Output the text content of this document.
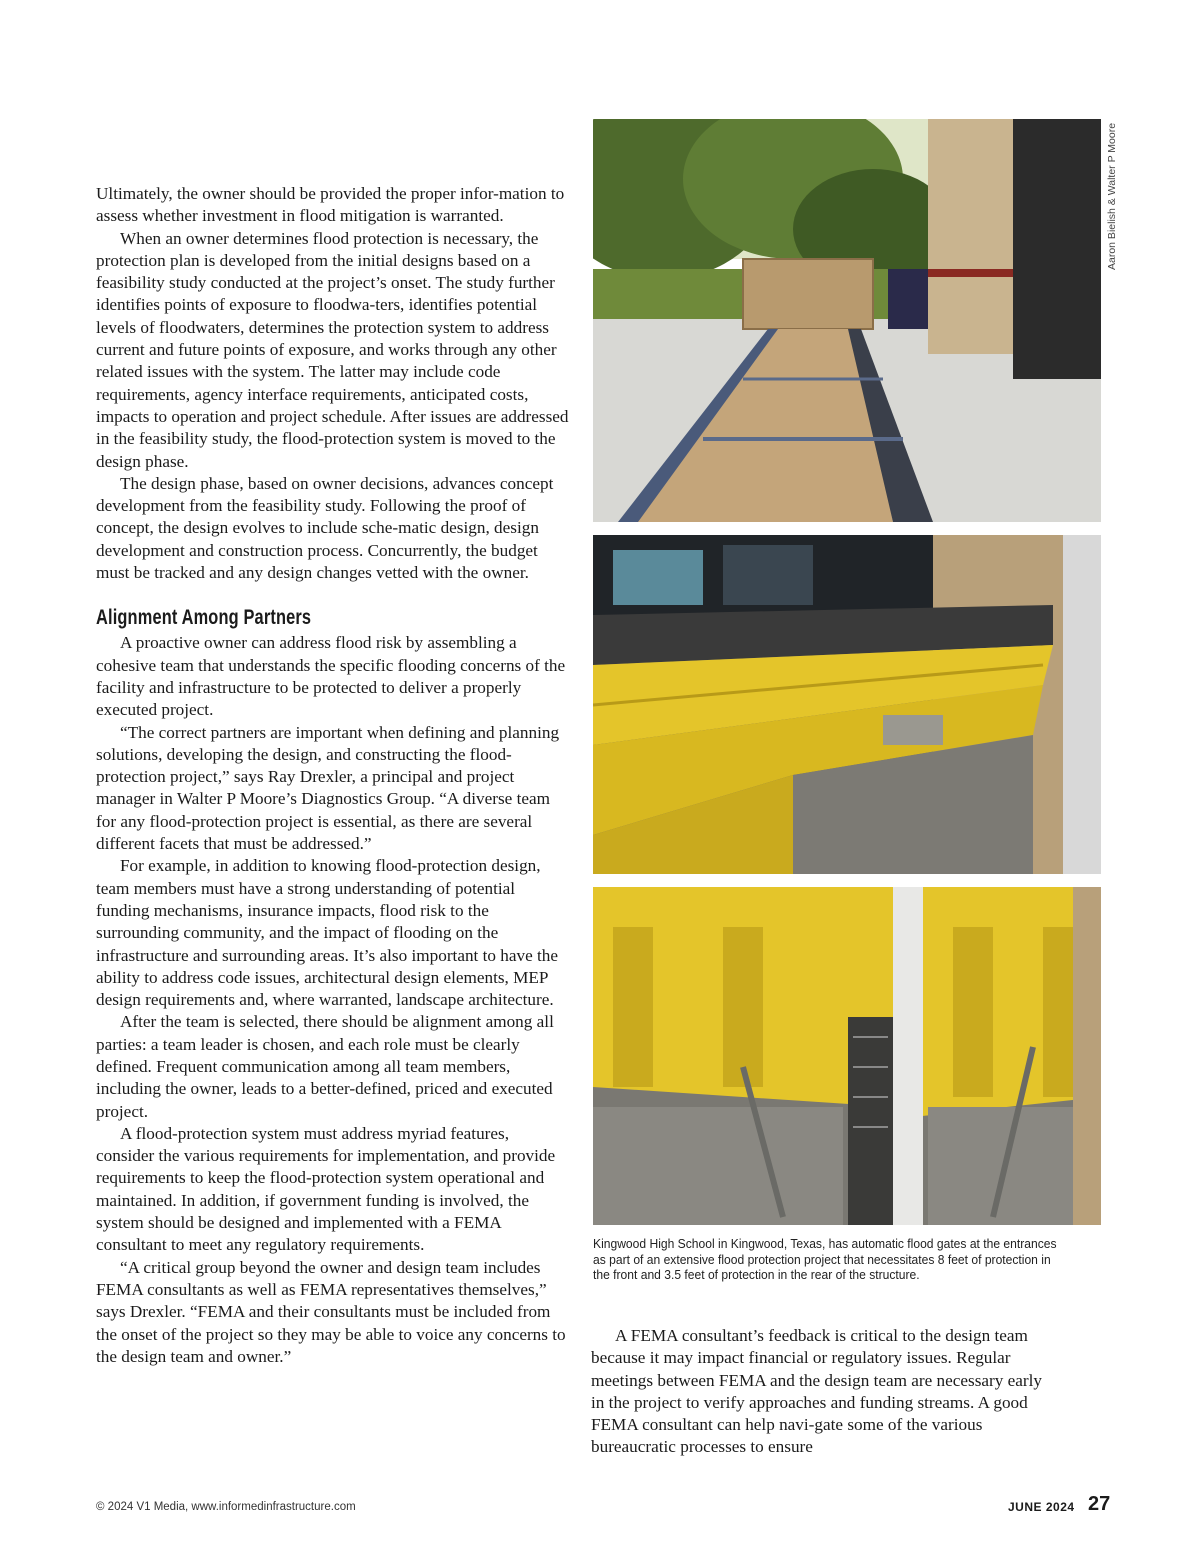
Ultimately, the owner should be provided the proper infor-mation to assess whether investment in flood mitigation is warranted.

When an owner determines flood protection is necessary, the protection plan is developed from the initial designs based on a feasibility study conducted at the project’s onset. The study further identifies points of exposure to floodwa-ters, identifies potential levels of floodwaters, determines the protection system to address current and future points of exposure, and works through any other related issues with the system. The latter may include code requirements, agency interface requirements, anticipated costs, impacts to operation and project schedule. After issues are addressed in the feasibility study, the flood-protection system is moved to the design phase.

The design phase, based on owner decisions, advances concept development from the feasibility study. Following the proof of concept, the design evolves to include sche-matic design, design development and construction process. Concurrently, the budget must be tracked and any design changes vetted with the owner.

Alignment Among Partners

A proactive owner can address flood risk by assembling a cohesive team that understands the specific flooding concerns of the facility and infrastructure to be protected to deliver a properly executed project.

“The correct partners are important when defining and planning solutions, developing the design, and constructing the flood-protection project,” says Ray Drexler, a principal and project manager in Walter P Moore’s Diagnostics Group. “A diverse team for any flood-protection project is essential, as there are several different facets that must be addressed.”

For example, in addition to knowing flood-protection design, team members must have a strong understanding of potential funding mechanisms, insurance impacts, flood risk to the surrounding community, and the impact of flooding on the infrastructure and surrounding areas. It’s also important to have the ability to address code issues, architectural design elements, MEP design requirements and, where warranted, landscape architecture.

After the team is selected, there should be alignment among all parties: a team leader is chosen, and each role must be clearly defined. Frequent communication among all team members, including the owner, leads to a better-defined, priced and executed project.

A flood-protection system must address myriad features, consider the various requirements for implementation, and provide requirements to keep the flood-protection system operational and maintained. In addition, if government funding is involved, the system should be designed and implemented with a FEMA consultant to meet any regulatory requirements.

“A critical group beyond the owner and design team includes FEMA consultants as well as FEMA representatives themselves,” says Drexler. “FEMA and their consultants must be included from the onset of the project so they may be able to voice any concerns to the design team and owner.”

Aaron Bielish & Walter P Moore
Kingwood High School in Kingwood, Texas, has automatic flood gates at the entrances as part of an extensive flood protection project that necessitates 8 feet of protection in the front and 3.5 feet of protection in the rear of the structure.

A FEMA consultant’s feedback is critical to the design team because it may impact financial or regulatory issues. Regular meetings between FEMA and the design team are necessary early in the project to verify approaches and funding streams. A good FEMA consultant can help navi-gate some of the various bureaucratic processes to ensure

© 2024 V1 Media, www.informedinfrastructure.com	JUNE 2024 27
